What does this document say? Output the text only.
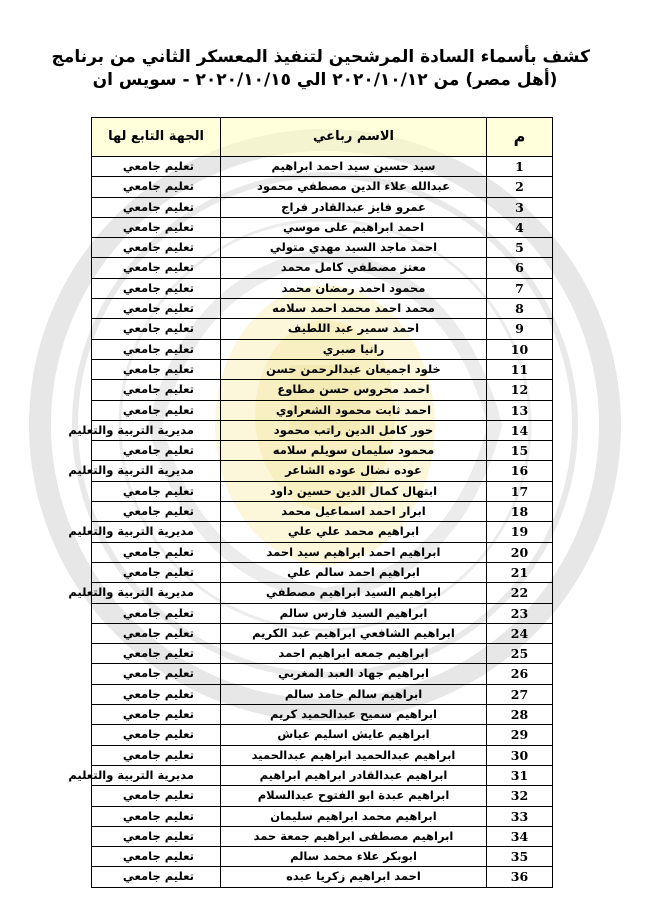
كشف بأسماء السادة المرشحين لتنفيذ المعسكر الثاني من برنامج
(أهل مصر) من ٢٠٢٠/١٠/١٢ الي ٢٠٢٠/١٠/١٥ - سويس ان
م	الاسم رباعي	الجهة التابع لها
1	سيد حسين سيد احمد ابراهيم	تعليم جامعي
2	عبدالله علاء الدين مصطفي محمود	تعليم جامعي
3	عمرو فايز عبدالقادر فراج	تعليم جامعي
4	احمد ابراهيم على موسي	تعليم جامعي
5	احمد ماجد السيد مهدي متولي	تعليم جامعي
6	معتز مصطفي كامل محمد	تعليم جامعي
7	محمود احمد رمضان محمد	تعليم جامعي
8	محمد احمد محمد احمد سلامه	تعليم جامعي
9	احمد سمير عبد اللطيف	تعليم جامعي
10	رانيا صبري	تعليم جامعي
11	خلود اجميعان عبدالرحمن حسن	تعليم جامعي
12	احمد محروس حسن مطاوع	تعليم جامعي
13	احمد ثابت محمود الشعراوي	تعليم جامعي
14	حور كامل الدين راتب محمود	مديرية التربية والتعليم
15	محمود سليمان سويلم سلامه	تعليم جامعي
16	عوده نضال عوده الشاعر	مديرية التربية والتعليم
17	ابتهال كمال الدين حسين داود	تعليم جامعي
18	ابرار احمد اسماعيل محمد	تعليم جامعي
19	ابراهيم محمد علي علي	مديرية التربية والتعليم
20	ابراهيم احمد ابراهيم سيد احمد	تعليم جامعي
21	ابراهيم احمد سالم علي	تعليم جامعي
22	ابراهيم السيد ابراهيم مصطفي	مديرية التربية والتعليم
23	ابراهيم السيد فارس سالم	تعليم جامعي
24	ابراهيم الشافعي ابراهيم عبد الكريم	تعليم جامعي
25	ابراهيم جمعه ابراهيم احمد	تعليم جامعي
26	ابراهيم جهاد العبد المغربي	تعليم جامعي
27	ابراهيم سالم حامد سالم	تعليم جامعي
28	ابراهيم سميح عبدالحميد كريم	تعليم جامعي
29	ابراهيم عايش اسليم عياش	تعليم جامعي
30	ابراهيم عبدالحميد ابراهيم عبدالحميد	تعليم جامعي
31	ابراهيم عبدالقادر ابراهيم ابراهيم	مديرية التربية والتعليم
32	ابراهيم عبدة ابو الفتوح عبدالسلام	تعليم جامعي
33	ابراهيم محمد ابراهيم سليمان	تعليم جامعي
34	ابراهيم مصطفى ابراهيم جمعة حمد	تعليم جامعي
35	ابوبكر علاء محمد سالم	تعليم جامعي
36	احمد ابراهيم زكريا عبده	تعليم جامعي
